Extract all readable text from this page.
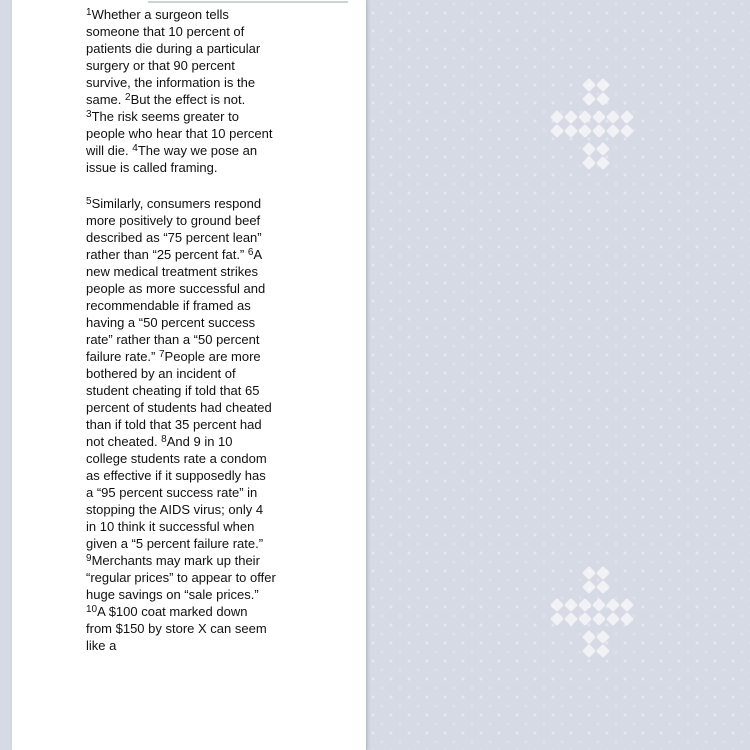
$^1$Whether a surgeon tells someone that 10 percent of patients die during a particular surgery or that 90 percent survive, the information is the same. $^2$But the effect is not. $^3$The risk seems greater to people who hear that 10 percent will die. $^4$The way we pose an issue is called framing.

$^5$Similarly, consumers respond more positively to ground beef described as “75 percent lean” rather than “25 percent fat.” $^6$A new medical treatment strikes people as more successful and recommendable if framed as having a “50 percent success rate” rather than a “50 percent failure rate.” $^7$People are more bothered by an incident of student cheating if told that 65 percent of students had cheated than if told that 35 percent had not cheated. $^8$And 9 in 10 college students rate a condom as effective if it supposedly has a “95 percent success rate” in stopping the AIDS virus; only 4 in 10 think it successful when given a “5 percent failure rate.” $^9$Merchants may mark up their “regular prices” to appear to offer huge savings on “sale prices.” $^{10}$A $100 coat marked down from $150 by store X can seem like a
